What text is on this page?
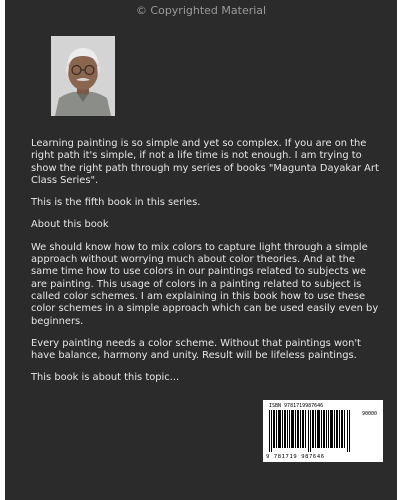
© Copyrighted Material

Learning painting is so simple and yet so complex. If you are on the right path it's simple, if not a life time is not enough. I am trying to show the right path through my series of books "Magunta Dayakar Art Class Series".

This is the fifth book in this series.

About this book

We should know how to mix colors to capture light through a simple approach without worrying much about color theories. And at the same time how to use colors in our paintings related to subjects we are painting. This usage of colors in a painting related to subject is called color schemes. I am explaining in this book how to use these color schemes in a simple approach which can be used easily even by beginners.

Every painting needs a color scheme. Without that paintings won't have balance, harmony and unity. Result will be lifeless paintings.

This book is about this topic...

ISBN 9781719987646
90000
9 781719 987646
